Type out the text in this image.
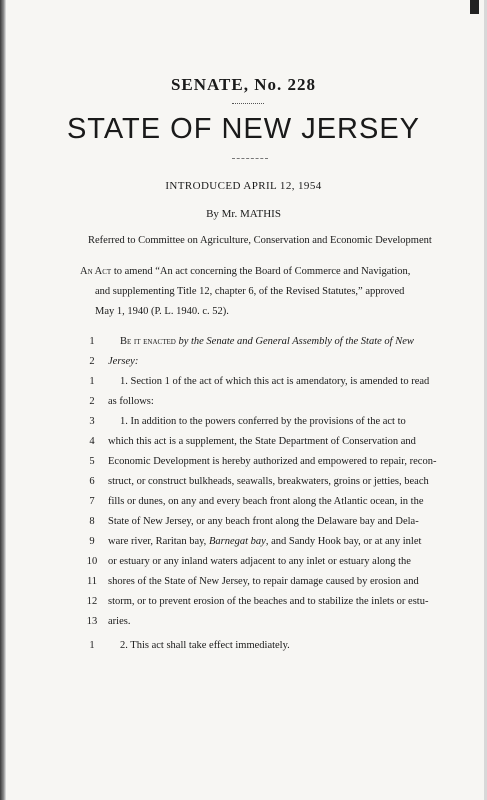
SENATE, No. 228
STATE OF NEW JERSEY
INTRODUCED APRIL 12, 1954
By Mr. MATHIS
Referred to Committee on Agriculture, Conservation and Economic Development
An Act to amend “An act concerning the Board of Commerce and Navigation,
and supplementing Title 12, chapter 6, of the Revised Statutes,” approved
May 1, 1940 (P. L. 1940. c. 52).
1	Be it enacted by the Senate and General Assembly of the State of New
2	Jersey:
1	1. Section 1 of the act of which this act is amendatory, is amended to read
2	as follows:
3	1. In addition to the powers conferred by the provisions of the act to
4	which this act is a supplement, the State Department of Conservation and
5	Economic Development is hereby authorized and empowered to repair, recon-
6	struct, or construct bulkheads, seawalls, breakwaters, groins or jetties, beach
7	fills or dunes, on any and every beach front along the Atlantic ocean, in the
8	State of New Jersey, or any beach front along the Delaware bay and Dela-
9	ware river, Raritan bay, Barnegat bay, and Sandy Hook bay, or at any inlet
10 or estuary or any inland waters adjacent to any inlet or estuary along the
11 shores of the State of New Jersey, to repair damage caused by erosion and
12 storm, or to prevent erosion of the beaches and to stabilize the inlets or estu-
13 aries.
1	2. This act shall take effect immediately.
